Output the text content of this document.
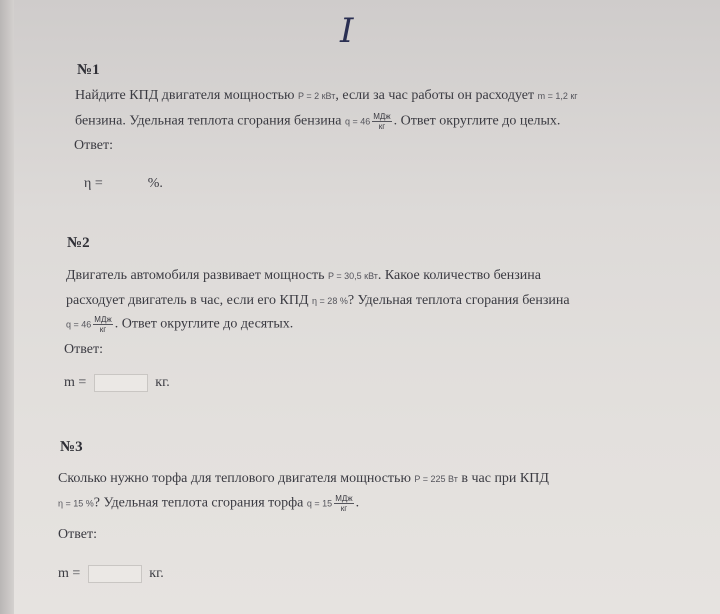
I
№1
Найдите КПД двигателя мощностью P = 2 кВт, если за час работы он расходует m = 1,2 кг
бензина. Удельная теплота сгорания бензина $q = 46 \frac{\text{МДж}}{кг}$ . Ответ округлите до целых.
Ответ:
η =	%.
№2
Двигатель автомобиля развивает мощность P = 30,5 кВт. Какое количество бензина
расходует двигатель в час, если его КПД η = 28 %? Удельная теплота сгорания бензина
$q = 46 \frac{\text{МДж}}{кг}$ . Ответ округлите до десятых.
Ответ:
m =	кг.
№3
Сколько нужно торфа для теплового двигателя мощностью P = 225 Вт в час при КПД
η = 15 %? Удельная теплота сгорания торфа $q = 15 \frac{\text{МДж}}{кг}$ .
Ответ:
m =	кг.
